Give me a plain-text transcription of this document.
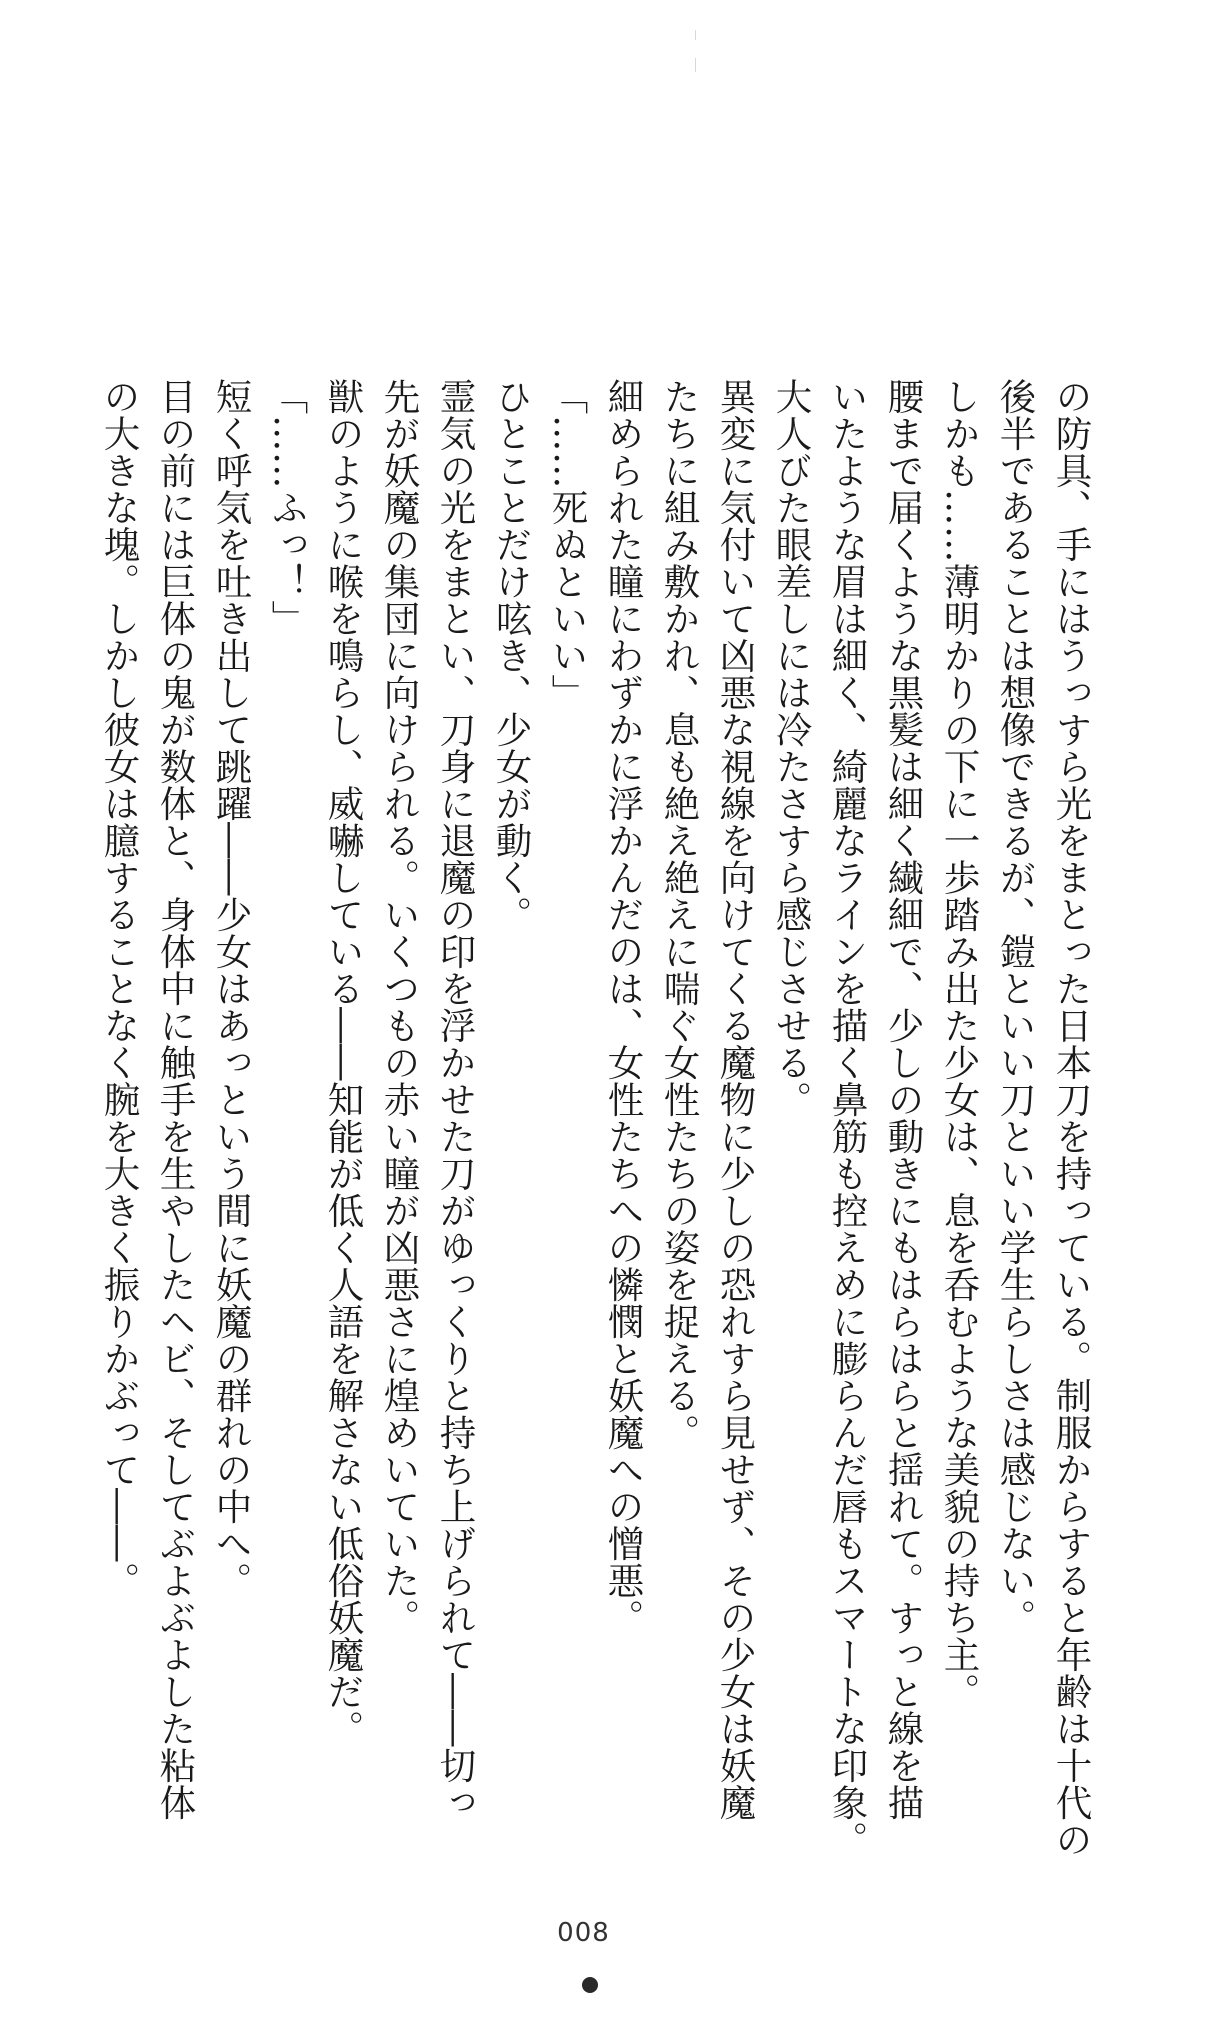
の防具、手にはうっすら光をまとった日本刀を持っている。制服からすると年齢は十代の
後半であることは想像できるが、鎧といい刀といい学生らしさは感じない。
しかも……薄明かりの下に一歩踏み出た少女は、息を呑むような美貌の持ち主。
腰まで届くような黒髪は細く繊細で、少しの動きにもはらはらと揺れて。すっと線を描
いたような眉は細く、綺麗なラインを描く鼻筋も控えめに膨らんだ唇もスマートな印象。
大人びた眼差しには冷たさすら感じさせる。
異変に気付いて凶悪な視線を向けてくる魔物に少しの恐れすら見せず、その少女は妖魔
たちに組み敷かれ、息も絶え絶えに喘ぐ女性たちの姿を捉える。
細められた瞳にわずかに浮かんだのは、女性たちへの憐憫と妖魔への憎悪。
「……死ぬといい」
ひとことだけ呟き、少女が動く。
霊気の光をまとい、刀身に退魔の印を浮かせた刀がゆっくりと持ち上げられて――切っ
先が妖魔の集団に向けられる。いくつもの赤い瞳が凶悪さに煌めいていた。
獣のように喉を鳴らし、威嚇している――知能が低く人語を解さない低俗妖魔だ。
「……ふっ！」
短く呼気を吐き出して跳躍――少女はあっという間に妖魔の群れの中へ。
目の前には巨体の鬼が数体と、身体中に触手を生やしたヘビ、そしてぶよぶよした粘体
の大きな塊。しかし彼女は臆することなく腕を大きく振りかぶって――。
008
